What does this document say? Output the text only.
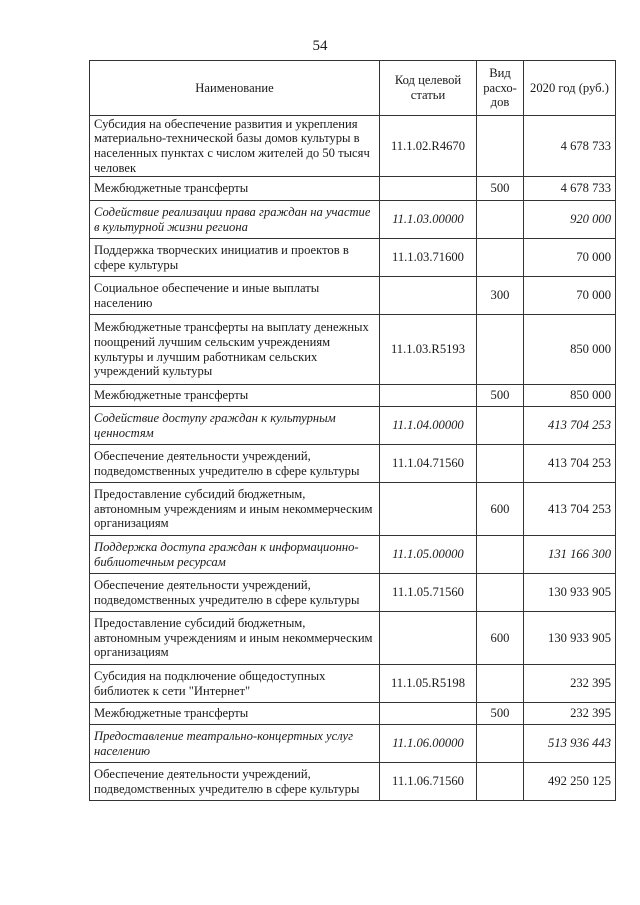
54
Наименование	Код целевой статьи	Вид расхо-дов	2020 год (руб.)
Субсидия на обеспечение развития и укрепления материально-технической базы домов культуры в населенных пунктах с числом жителей до 50 тысяч человек	11.1.02.R4670		4 678 733
Межбюджетные трансферты		500	4 678 733
Содействие реализации права граждан на участие в культурной жизни региона	11.1.03.00000		920 000
Поддержка творческих инициатив и проектов в сфере культуры	11.1.03.71600		70 000
Социальное обеспечение и иные выплаты населению		300	70 000
Межбюджетные трансферты на выплату денежных поощрений лучшим сельским учреждениям культуры и лучшим работникам сельских учреждений культуры	11.1.03.R5193		850 000
Межбюджетные трансферты		500	850 000
Содействие доступу граждан к культурным ценностям	11.1.04.00000		413 704 253
Обеспечение деятельности учреждений, подведомственных учредителю в сфере культуры	11.1.04.71560		413 704 253
Предоставление субсидий бюджетным, автономным учреждениям и иным некоммерческим организациям		600	413 704 253
Поддержка доступа граждан к информационно-библиотечным ресурсам	11.1.05.00000		131 166 300
Обеспечение деятельности учреждений, подведомственных учредителю в сфере культуры	11.1.05.71560		130 933 905
Предоставление субсидий бюджетным, автономным учреждениям и иным некоммерческим организациям		600	130 933 905
Субсидия на подключение общедоступных библиотек к сети "Интернет"	11.1.05.R5198		232 395
Межбюджетные трансферты		500	232 395
Предоставление театрально-концертных услуг населению	11.1.06.00000		513 936 443
Обеспечение деятельности учреждений, подведомственных учредителю в сфере культуры	11.1.06.71560		492 250 125
